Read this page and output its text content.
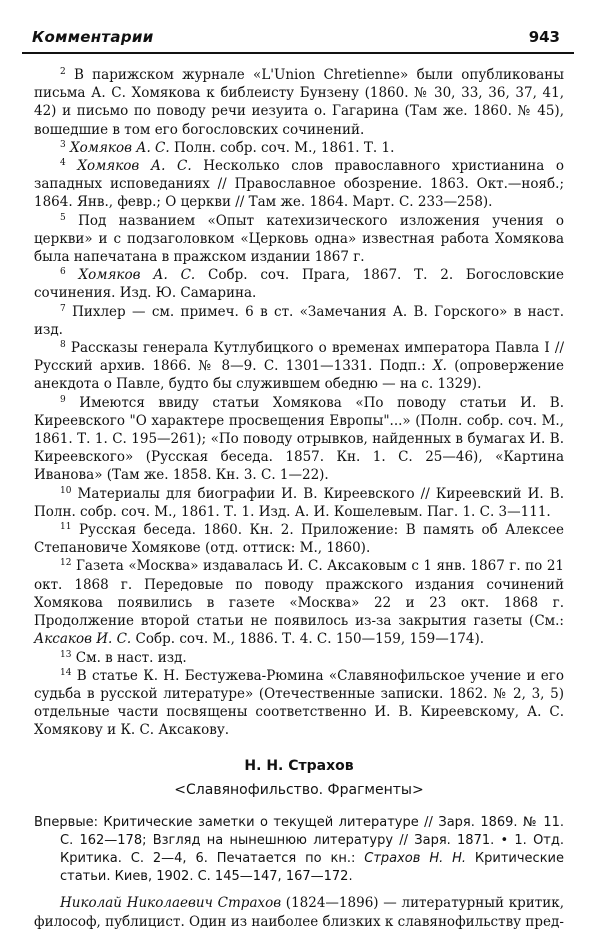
Комментарии	943

$^2$ В парижском журнале «L'Union Chretienne» были опубликованы письма А. С. Хомякова к библеисту Бунзену (1860. № 30, 33, 36, 37, 41, 42) и письмо по поводу речи иезуита о. Гагарина (Там же. 1860. № 45), вошедшие в том его богословских сочинений.

$^3$ Хомяков А. С. Полн. собр. соч. М., 1861. Т. 1.

$^4$ Хомяков А. С. Несколько слов православного христианина о западных исповеданиях // Православное обозрение. 1863. Окт.—нояб.; 1864. Янв., февр.; О церкви // Там же. 1864. Март. С. 233—258).

$^5$ Под названием «Опыт катехизического изложения учения о церкви» и с подзаголовком «Церковь одна» известная работа Хомякова была напечатана в пражском издании 1867 г.

$^6$ Хомяков А. С. Собр. соч. Прага, 1867. Т. 2. Богословские сочинения. Изд. Ю. Самарина.

$^7$ Пихлер — см. примеч. 6 в ст. «Замечания А. В. Горского» в наст. изд.

$^8$ Рассказы генерала Кутлубицкого о временах императора Павла I // Русский архив. 1866. № 8—9. С. 1301—1331. Подп.: Х. (опровержение анекдота о Павле, будто бы служившем обедню — на с. 1329).

$^9$ Имеются ввиду статьи Хомякова «По поводу статьи И. В. Киреевского "О характере просвещения Европы"...» (Полн. собр. соч. М., 1861. Т. 1. С. 195—261); «По поводу отрывков, найденных в бумагах И. В. Киреевского» (Русская беседа. 1857. Кн. 1. С. 25—46), «Картина Иванова» (Там же. 1858. Кн. 3. С. 1—22).

$^{10}$ Материалы для биографии И. В. Киреевского // Киреевский И. В. Полн. собр. соч. М., 1861. Т. 1. Изд. А. И. Кошелевым. Паг. 1. С. 3—111.

$^{11}$ Русская беседа. 1860. Кн. 2. Приложение: В память об Алексее Степановиче Хомякове (отд. оттиск: М., 1860).

$^{12}$ Газета «Москва» издавалась И. С. Аксаковым с 1 янв. 1867 г. по 21 окт. 1868 г. Передовые по поводу пражского издания сочинений Хомякова появились в газете «Москва» 22 и 23 окт. 1868 г. Продолжение второй статьи не появилось из-за закрытия газеты (См.: Аксаков И. С. Собр. соч. М., 1886. Т. 4. С. 150—159, 159—174).

$^{13}$ См. в наст. изд.

$^{14}$ В статье К. Н. Бестужева-Рюмина «Славянофильское учение и его судьба в русской литературе» (Отечественные записки. 1862. № 2, 3, 5) отдельные части посвящены соответственно И. В. Киреевскому, А. С. Хомякову и К. С. Аксакову.

Н. Н. Страхов
<Славянофильство. Фрагменты>

Впервые: Критические заметки о текущей литературе // Заря. 1869. № 11. С. 162—178; Взгляд на нынешнюю литературу // Заря. 1871. • 1. Отд. Критика. С. 2—4, 6. Печатается по кн.: Страхов Н. Н. Критические статьи. Киев, 1902. С. 145—147, 167—172.

Николай Николаевич Страхов (1824—1896) — литературный критик, философ, публицист. Один из наиболее близких к славянофильству пред-
